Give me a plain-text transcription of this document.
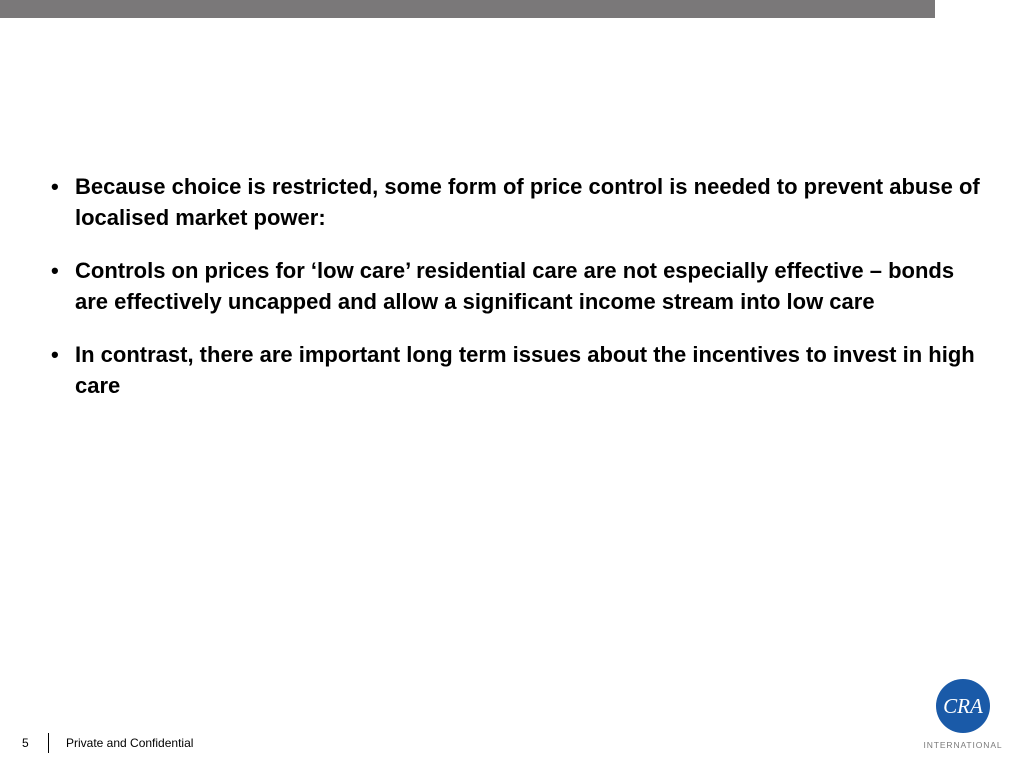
• Because choice is restricted, some form of price control is needed to prevent abuse of localised market power:
• Controls on prices for ‘low care’ residential care are not especially effective – bonds are effectively uncapped and allow a significant income stream into low care
• In contrast, there are important long term issues about the incentives to invest in high care
5	Private and Confidential
CRA
INTERNATIONAL
